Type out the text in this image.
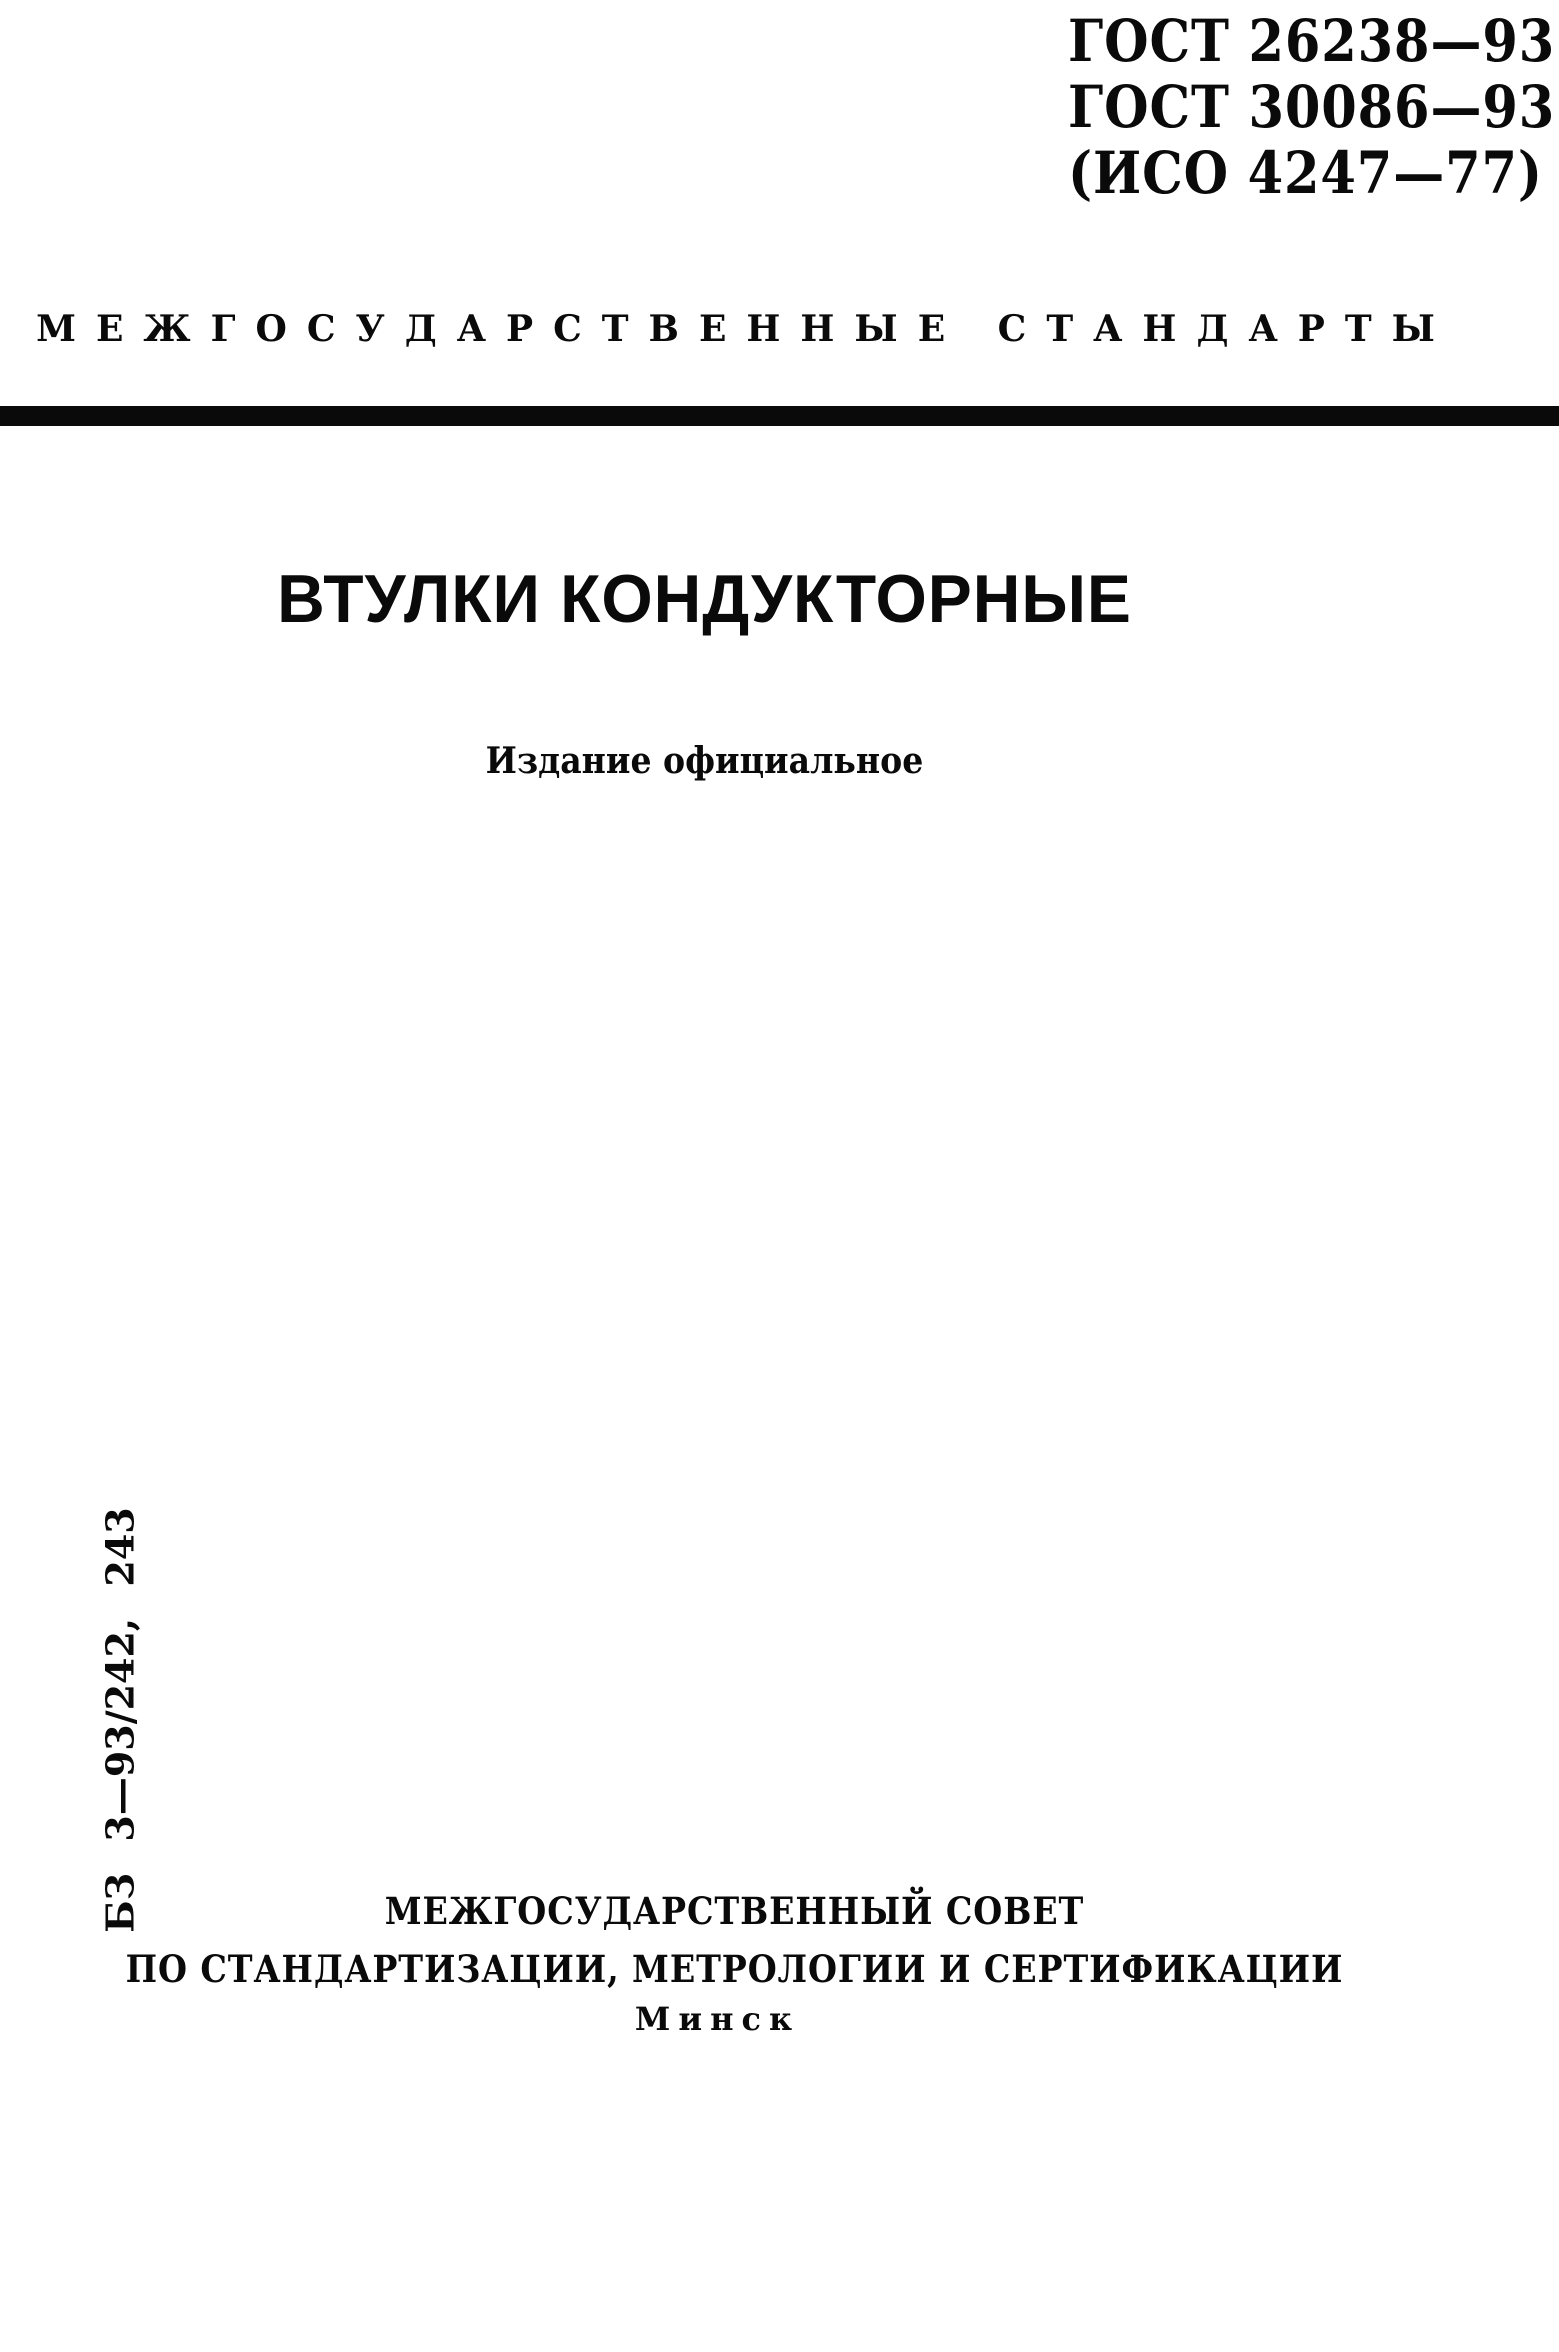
ГОСТ 26238—93
ГОСТ 30086—93
(ИСО 4247—77)
МЕЖГОСУДАРСТВЕННЫЕ СТАНДАРТЫ
ВТУЛКИ КОНДУКТОРНЫЕ
Издание официальное
БЗ 3—93/242, 243	МЕЖГОСУДАРСТВЕННЫЙ СОВЕТ
ПО СТАНДАРТИЗАЦИИ, МЕТРОЛОГИИ И СЕРТИФИКАЦИИ
Минск
